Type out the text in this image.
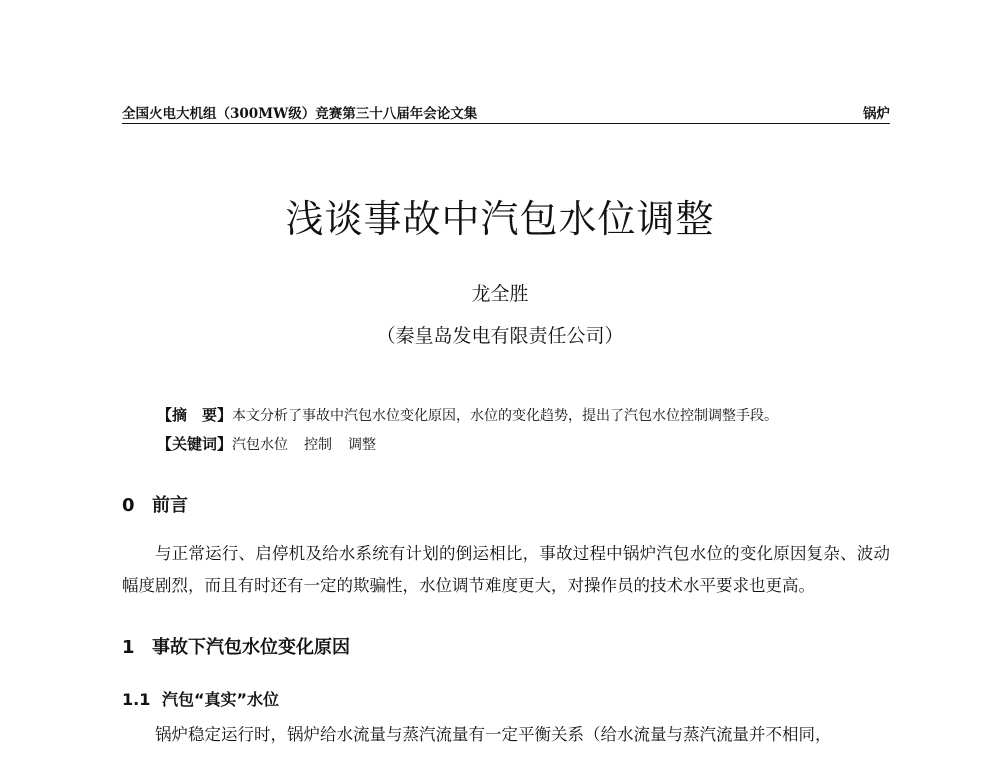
全国火电大机组（300MW级）竞赛第三十八届年会论文集	锅炉
浅谈事故中汽包水位调整
龙全胜
（秦皇岛发电有限责任公司）
【摘　要】本文分析了事故中汽包水位变化原因，水位的变化趋势，提出了汽包水位控制调整手段。
【关键词】汽包水位 控制 调整
0 前言
与正常运行、启停机及给水系统有计划的倒运相比，事故过程中锅炉汽包水位的变化原因复杂、波动幅度剧烈，而且有时还有一定的欺骗性，水位调节难度更大，对操作员的技术水平要求也更高。
1 事故下汽包水位变化原因
1.1 汽包“真实”水位
锅炉稳定运行时，锅炉给水流量与蒸汽流量有一定平衡关系（给水流量与蒸汽流量并不相同，
